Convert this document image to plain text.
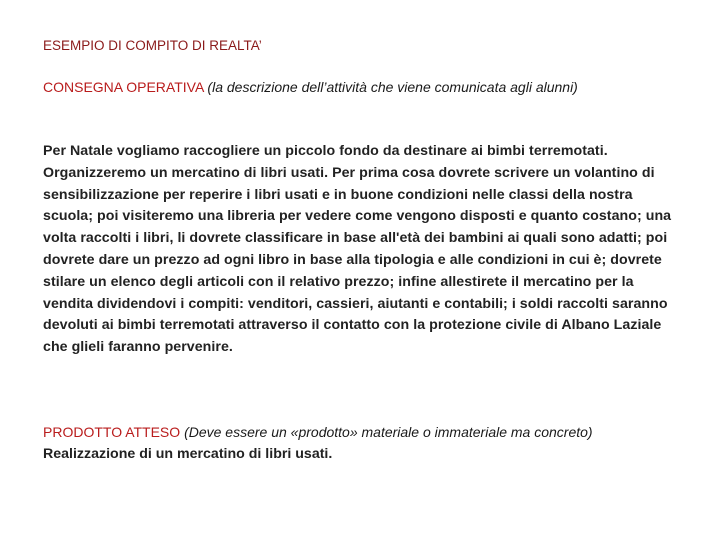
ESEMPIO DI COMPITO DI REALTA’
CONSEGNA OPERATIVA (la descrizione dell’attività che viene comunicata agli alunni)
Per Natale vogliamo raccogliere un piccolo fondo da destinare ai bimbi terremotati. Organizzeremo un mercatino di libri usati. Per prima cosa dovrete scrivere un volantino di sensibilizzazione per reperire i libri usati e in buone condizioni nelle classi della nostra scuola; poi visiteremo una libreria per vedere come vengono disposti e quanto costano; una volta raccolti i libri, li dovrete classificare in base all'età dei bambini ai quali sono adatti; poi dovrete dare un prezzo ad ogni libro in base alla tipologia e alle condizioni in cui è; dovrete stilare un elenco degli articoli con il relativo prezzo; infine allestirete il mercatino per la vendita dividendovi i compiti: venditori, cassieri, aiutanti e contabili; i soldi raccolti saranno devoluti ai bimbi terremotati attraverso il contatto con la protezione civile di Albano Laziale che glieli faranno pervenire.
PRODOTTO ATTESO (Deve essere un «prodotto» materiale o immateriale ma concreto)
Realizzazione di un mercatino di libri usati.
